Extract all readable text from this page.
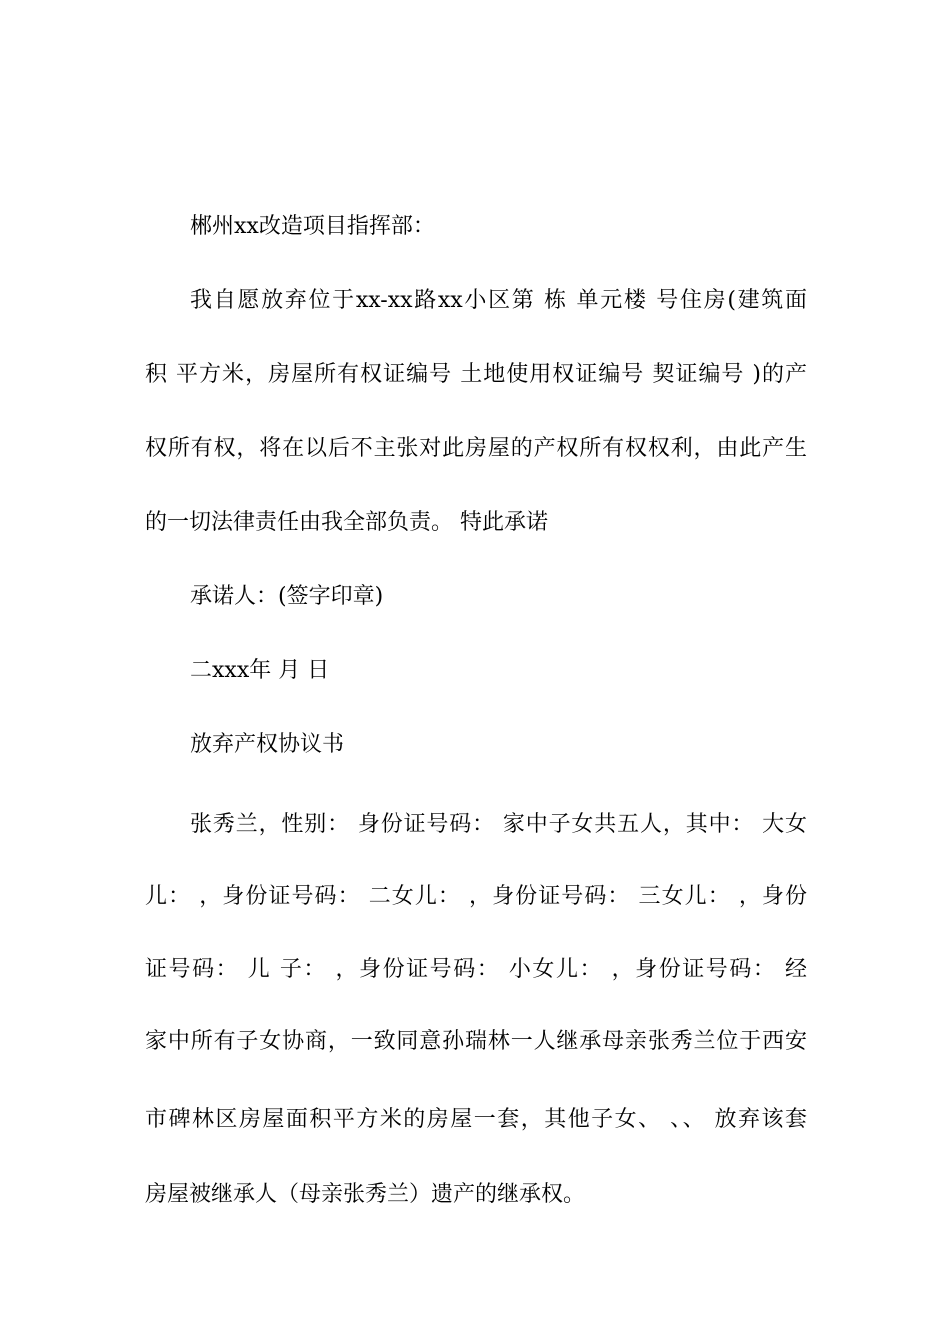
郴州xx改造项目指挥部：
我自愿放弃位于xx-xx路xx小区第 栋 单元楼 号住房(建筑面
积 平方米，房屋所有权证编号 土地使用权证编号 契证编号 )的产
权所有权，将在以后不主张对此房屋的产权所有权权利，由此产生
的一切法律责任由我全部负责。 特此承诺
承诺人：(签字印章)
二xxx年 月 日
放弃产权协议书
张秀兰，性别： 身份证号码： 家中子女共五人，其中： 大女
儿： ，身份证号码： 二女儿： ，身份证号码： 三女儿： ，身份
证号码： 儿 子： ，身份证号码： 小女儿： ，身份证号码： 经
家中所有子女协商，一致同意孙瑞林一人继承母亲张秀兰位于西安
市碑林区房屋面积平方米的房屋一套，其他子女、 、、 放弃该套
房屋被继承人（母亲张秀兰）遗产的继承权。
